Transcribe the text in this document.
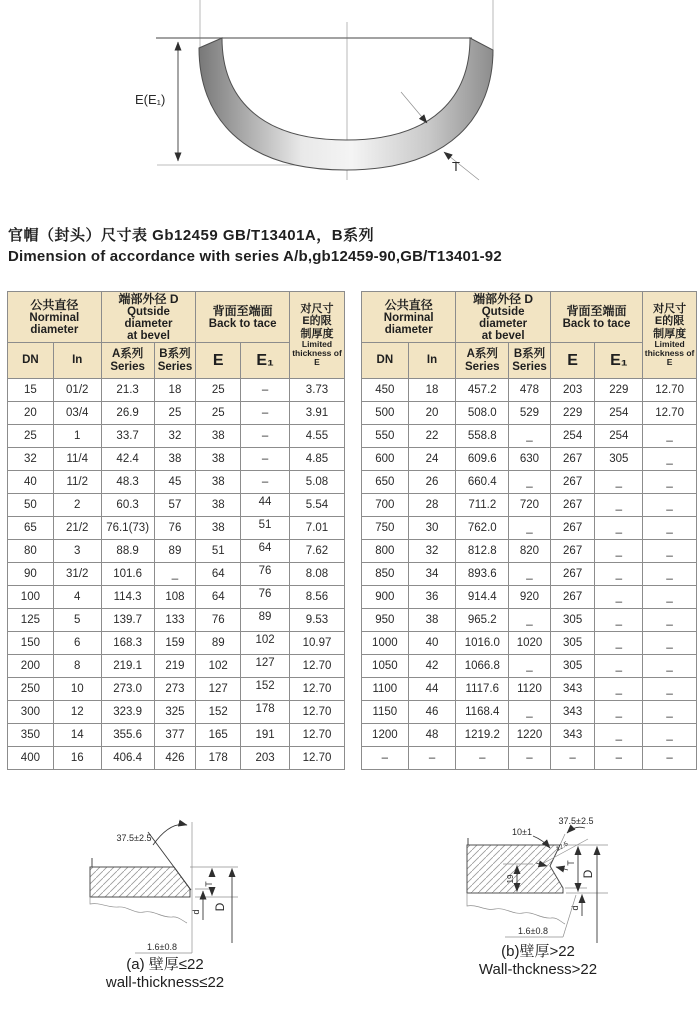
E(E₁)
T
官帽（封头）尺寸表 Gb12459 GB/T13401A，B系列
Dimension of accordance with series A/b,gb12459-90,GB/T13401-92
公共直径
Norminal diameter

端部外径 D
Qutside diameter
at bevel

背面至端面
Back to tace

对尺寸
E的限
制厚度
Limited
thickness of
E

DN	In	
A系列
Series

B系列
Series	E	E₁
15	01/2	21.3	18	25	–	3.73
20	03/4	26.9	25	25	–	3.91
25	1	33.7	32	38	–	4.55
32	11/4	42.4	38	38	–	4.85
40	11/2	48.3	45	38	–	5.08
50	2	60.3	57	38	44	5.54
65	21/2	76.1(73)	76	38	51	7.01
80	3	88.9	89	51	64	7.62
90	31/2	101.6	_	64	76	8.08
100	4	114.3	108	64	76	8.56
125	5	139.7	133	76	89	9.53
150	6	168.3	159	89	102	10.97
200	8	219.1	219	102	127	12.70
250	10	273.0	273	127	152	12.70
300	12	323.9	325	152	178	12.70
350	14	355.6	377	165	191	12.70
400	16	406.4	426	178	203	12.70
公共直径
Norminal diameter

端部外径 D
Qutside diameter
at bevel

背面至端面
Back to tace

对尺寸
E的限
制厚度
Limited
thickness of
E

DN	In	
A系列
Series

B系列
Series	E	E₁
450	18	457.2	478	203	229	12.70
500	20	508.0	529	229	254	12.70
550	22	558.8	_	254	254	_
600	24	609.6	630	267	305	_
650	26	660.4	_	267	_	_
700	28	711.2	720	267	_	_
750	30	762.0	_	267	_	_
800	32	812.8	820	267	_	_
850	34	893.6	_	267	_	_
900	36	914.4	920	267	_	_
950	38	965.2	_	305	_	_
1000	40	1016.0	1020	305	_	_
1050	42	1066.8	_	305	_	_
1100	44	1117.6	1120	343	_	_
1150	46	1168.4	_	343	_	_
1200	48	1219.2	1220	343	_	_
–	–	–	–	–	–	–
37.5±2.5
1.6±0.8
d
T
D
(a) 壁厚≤22
wall-thickness≤22
10±1
37.5±2.5
12.5
19
T
d
D
1.6±0.8
(b)壁厚>22
Wall-thckness>22
